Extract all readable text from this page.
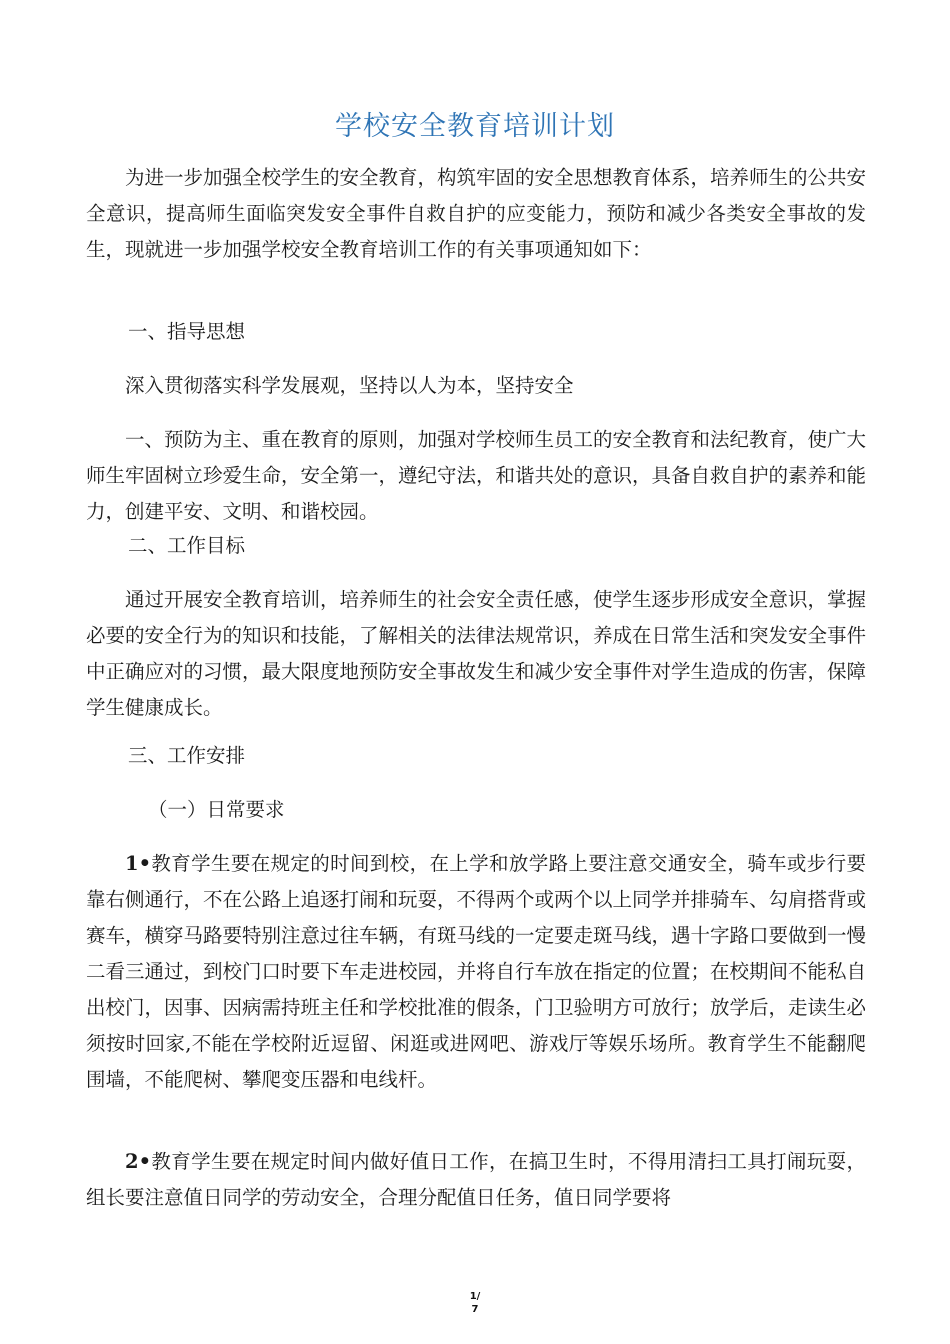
学校安全教育培训计划

为进一步加强全校学生的安全教育，构筑牢固的安全思想教育体系，培养师生的公共安全意识，提高师生面临突发安全事件自救自护的应变能力，预防和减少各类安全事故的发生，现就进一步加强学校安全教育培训工作的有关事项通知如下：

一、指导思想

深入贯彻落实科学发展观，坚持以人为本，坚持安全

一、预防为主、重在教育的原则，加强对学校师生员工的安全教育和法纪教育，使广大师生牢固树立珍爱生命，安全第一，遵纪守法，和谐共处的意识，具备自救自护的素养和能力，创建平安、文明、和谐校园。

二、工作目标

通过开展安全教育培训，培养师生的社会安全责任感，使学生逐步形成安全意识，掌握必要的安全行为的知识和技能，了解相关的法律法规常识，养成在日常生活和突发安全事件中正确应对的习惯，最大限度地预防安全事故发生和减少安全事件对学生造成的伤害，保障学生健康成长。

三、工作安排

（一）日常要求

1•教育学生要在规定的时间到校，在上学和放学路上要注意交通安全，骑车或步行要靠右侧通行，不在公路上追逐打闹和玩耍，不得两个或两个以上同学并排骑车、勾肩搭背或赛车，横穿马路要特别注意过往车辆，有斑马线的一定要走斑马线，遇十字路口要做到一慢二看三通过，到校门口时要下车走进校园，并将自行车放在指定的位置；在校期间不能私自出校门，因事、因病需持班主任和学校批准的假条，门卫验明方可放行；放学后，走读生必须按时回家,不能在学校附近逗留、闲逛或进网吧、游戏厅等娱乐场所。教育学生不能翻爬围墙，不能爬树、攀爬变压器和电线杆。

2•教育学生要在规定时间内做好值日工作，在搞卫生时，不得用清扫工具打闹玩耍，组长要注意值日同学的劳动安全，合理分配值日任务，值日同学要将

1/
7
